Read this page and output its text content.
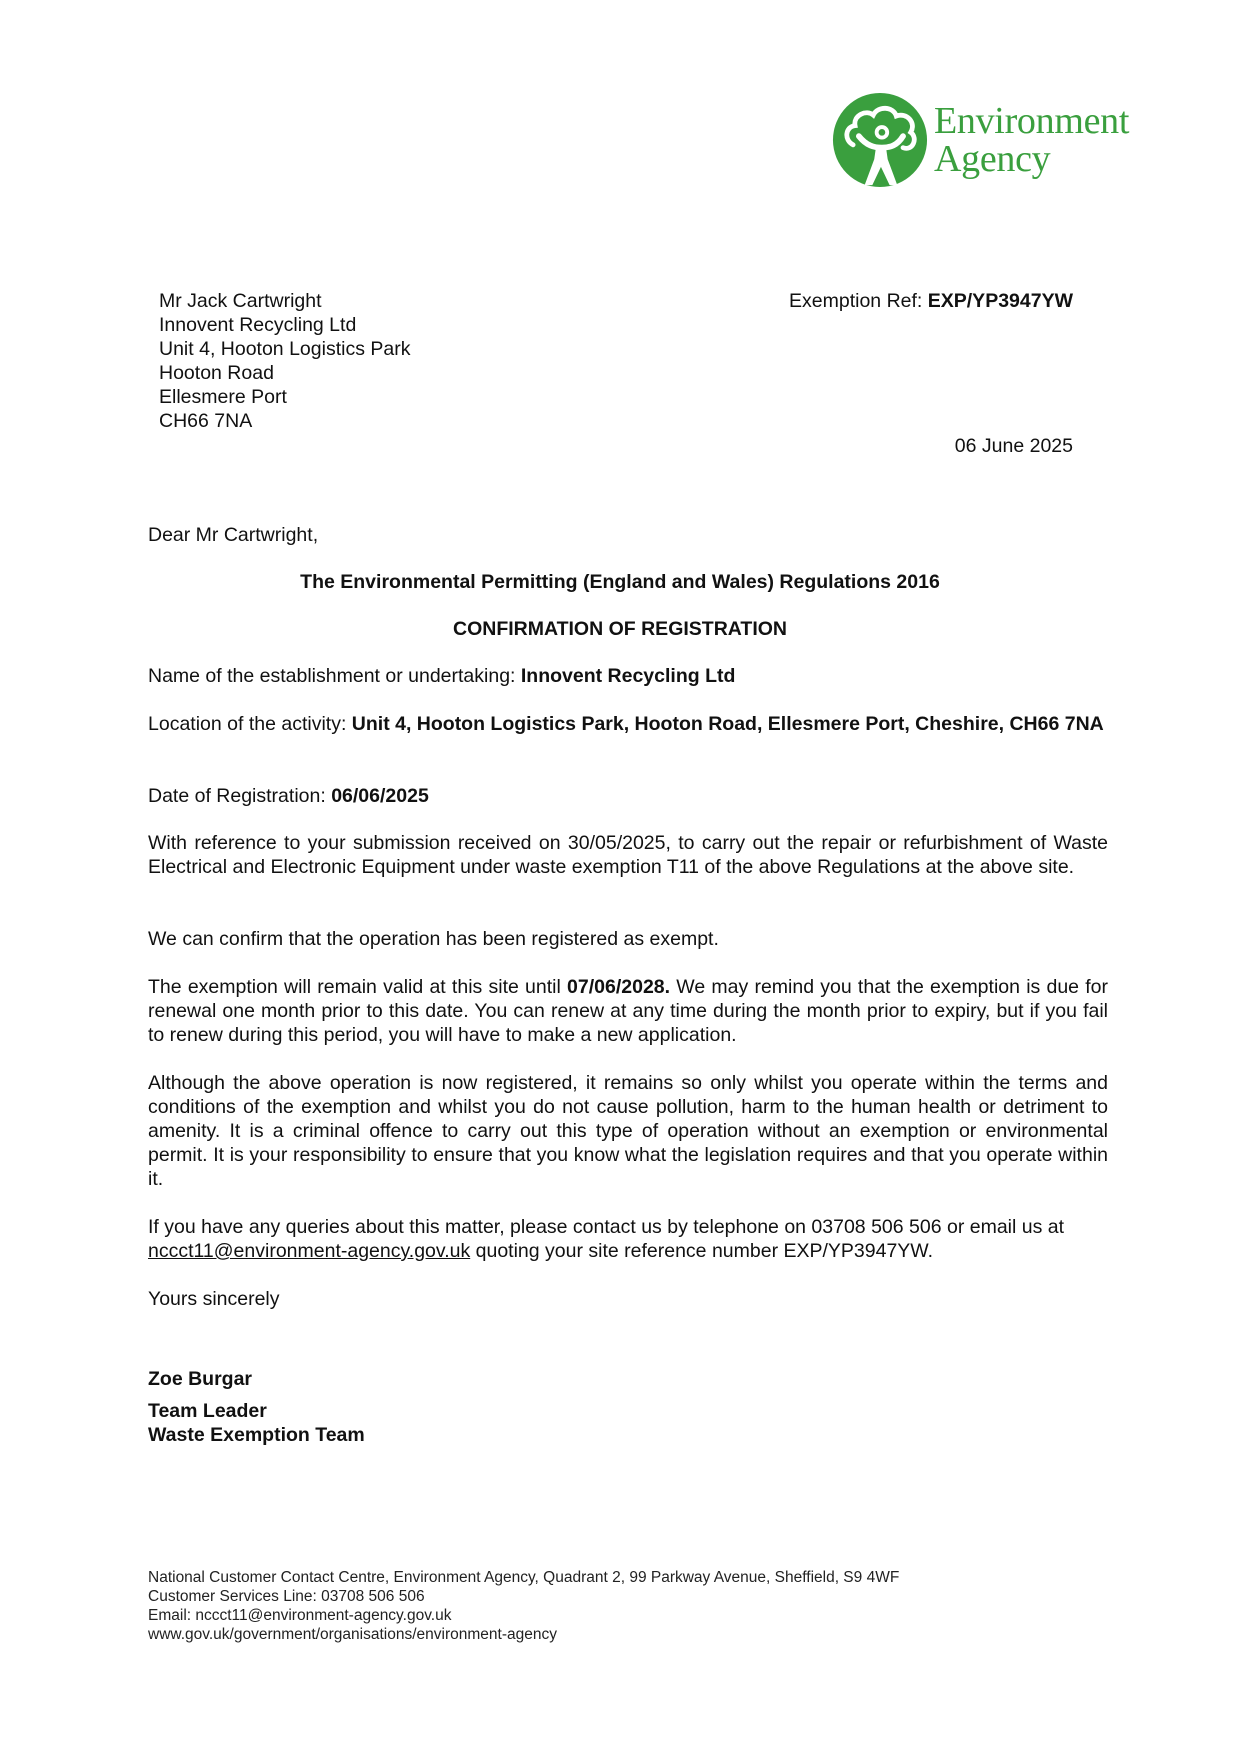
Environment
Agency
Mr Jack Cartwright
Innovent Recycling Ltd
Unit 4, Hooton Logistics Park
Hooton Road
Ellesmere Port
CH66 7NA
Exemption Ref: EXP/YP3947YW
06 June 2025
Dear Mr Cartwright,
The Environmental Permitting (England and Wales) Regulations 2016
CONFIRMATION OF REGISTRATION
Name of the establishment or undertaking: Innovent Recycling Ltd
Location of the activity: Unit 4, Hooton Logistics Park, Hooton Road, Ellesmere Port, Cheshire, CH66 7NA
Date of Registration: 06/06/2025
With reference to your submission received on 30/05/2025, to carry out the repair or refurbishment of Waste Electrical and Electronic Equipment under waste exemption T11 of the above Regulations at the above site.
We can confirm that the operation has been registered as exempt.
The exemption will remain valid at this site until 07/06/2028. We may remind you that the exemption is due for renewal one month prior to this date. You can renew at any time during the month prior to expiry, but if you fail to renew during this period, you will have to make a new application.
Although the above operation is now registered, it remains so only whilst you operate within the terms and conditions of the exemption and whilst you do not cause pollution, harm to the human health or detriment to amenity. It is a criminal offence to carry out this type of operation without an exemption or environmental permit. It is your responsibility to ensure that you know what the legislation requires and that you operate within it.
If you have any queries about this matter, please contact us by telephone on 03708 506 506 or email us at nccct11@environment-agency.gov.uk quoting your site reference number EXP/YP3947YW.
Yours sincerely
Zoe Burgar
Team Leader
Waste Exemption Team
National Customer Contact Centre, Environment Agency, Quadrant 2, 99 Parkway Avenue, Sheffield, S9 4WF
Customer Services Line: 03708 506 506
Email: nccct11@environment-agency.gov.uk
www.gov.uk/government/organisations/environment-agency
